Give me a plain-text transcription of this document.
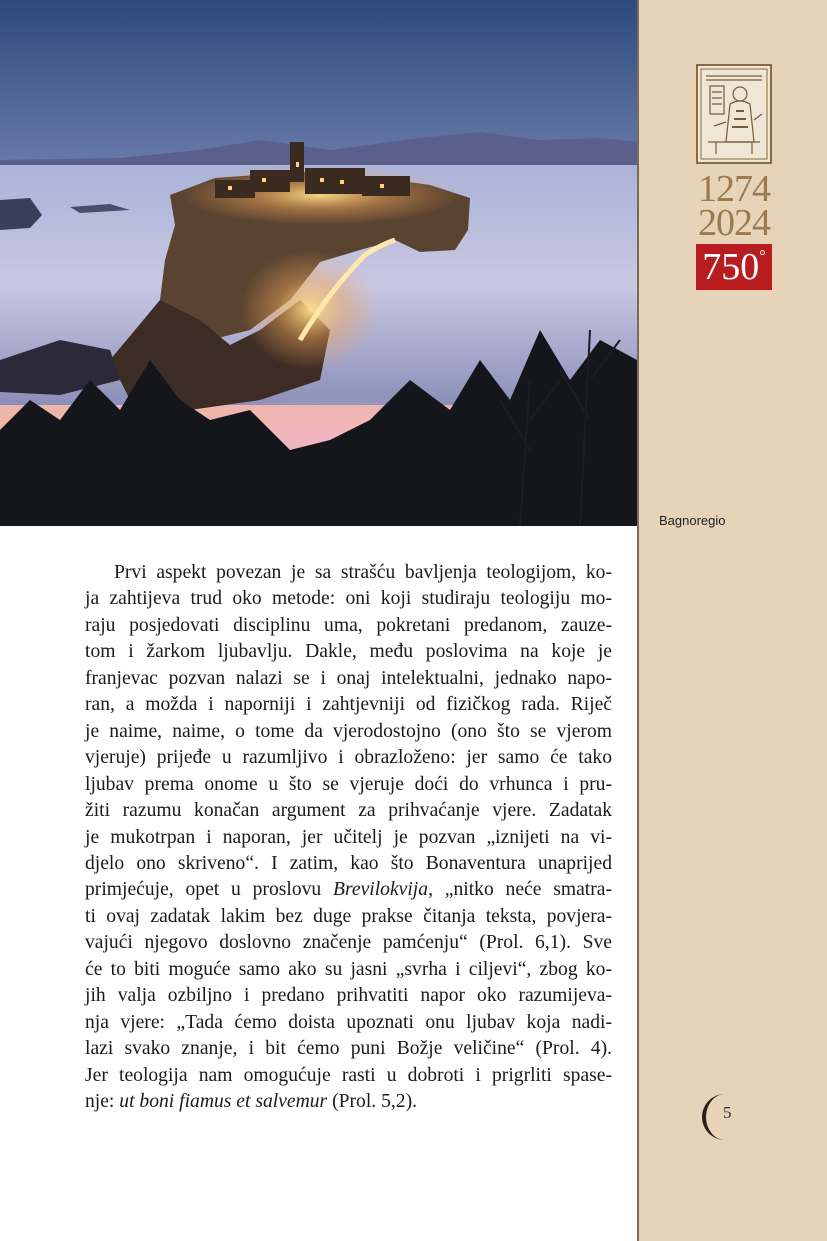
1274
2024
750°
Bagnoregio
5
Prvi aspekt povezan je sa strašću bavljenja teologijom, ko-
ja zahtijeva trud oko metode: oni koji studiraju teologiju mo-
raju posjedovati disciplinu uma, pokretani predanom, zauze-
tom i žarkom ljubavlju. Dakle, među poslovima na koje je
franjevac pozvan nalazi se i onaj intelektualni, jednako napo-
ran, a možda i naporniji i zahtjevniji od fizičkog rada. Riječ
je naime, naime, o tome da vjerodostojno (ono što se vjerom
vjeruje) prijeđe u razumljivo i obrazloženo: jer samo će tako
ljubav prema onome u što se vjeruje doći do vrhunca i pru-
žiti razumu konačan argument za prihvaćanje vjere. Zadatak
je mukotrpan i naporan, jer učitelj je pozvan „iznijeti na vi-
djelo ono skriveno“. I zatim, kao što Bonaventura unaprijed
primjećuje, opet u proslovu Brevilokvija, „nitko neće smatra-
ti ovaj zadatak lakim bez duge prakse čitanja teksta, povjera-
vajući njegovo doslovno značenje pamćenju“ (Prol. 6,1). Sve
će to biti moguće samo ako su jasni „svrha i ciljevi“, zbog ko-
jih valja ozbiljno i predano prihvatiti napor oko razumijeva-
nja vjere: „Tada ćemo doista upoznati onu ljubav koja nadi-
lazi svako znanje, i bit ćemo puni Božje veličine“ (Prol. 4).
Jer teologija nam omogućuje rasti u dobroti i prigrliti spase-
nje: ut boni fiamus et salvemur (Prol. 5,2).
